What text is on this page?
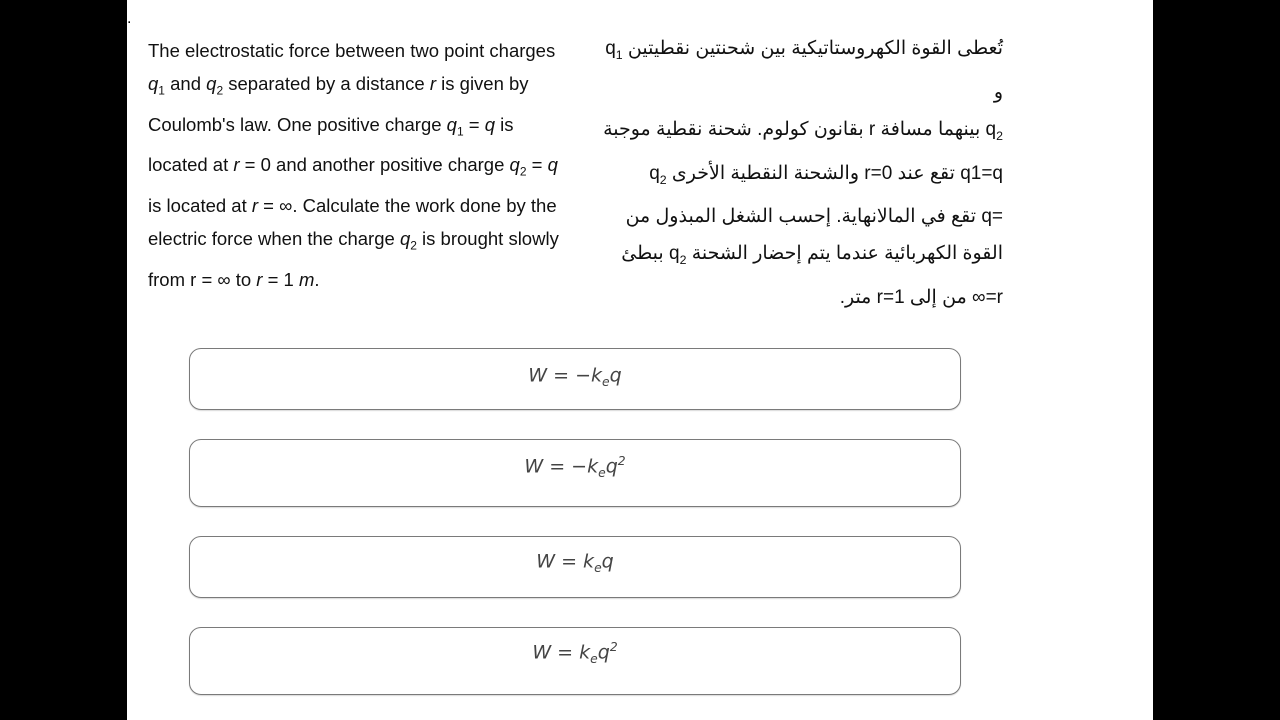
.
The electrostatic force between two point charges $q_1$ and $q_2$ separated by a distance r is given by Coulomb's law. One positive charge $q_1 = q$ is located at r = 0 and another positive charge $q_2 = q$ is located at r = ∞. Calculate the work done by the electric force when the charge $q_2$ is brought slowly from r = ∞ to r = 1 m.
تُعطى القوة الكهروستاتيكية بين شحنتين نقطيتين $q_1$ و
$q_2$ بينهما مسافة r بقانون كولوم. شحنة نقطية موجبة
q1=q تقع عند r=0 والشحنة النقطية الأخرى $q_2$
=q تقع في المالانهاية. إحسب الشغل المبذول من
القوة الكهربائية عندما يتم إحضار الشحنة $q_2$ ببطئ
r=∞ من إلى r=1 متر.
$W = -k_eq$
$W = -k_eq^2$
$W = k_eq$
$W = k_eq^2$
